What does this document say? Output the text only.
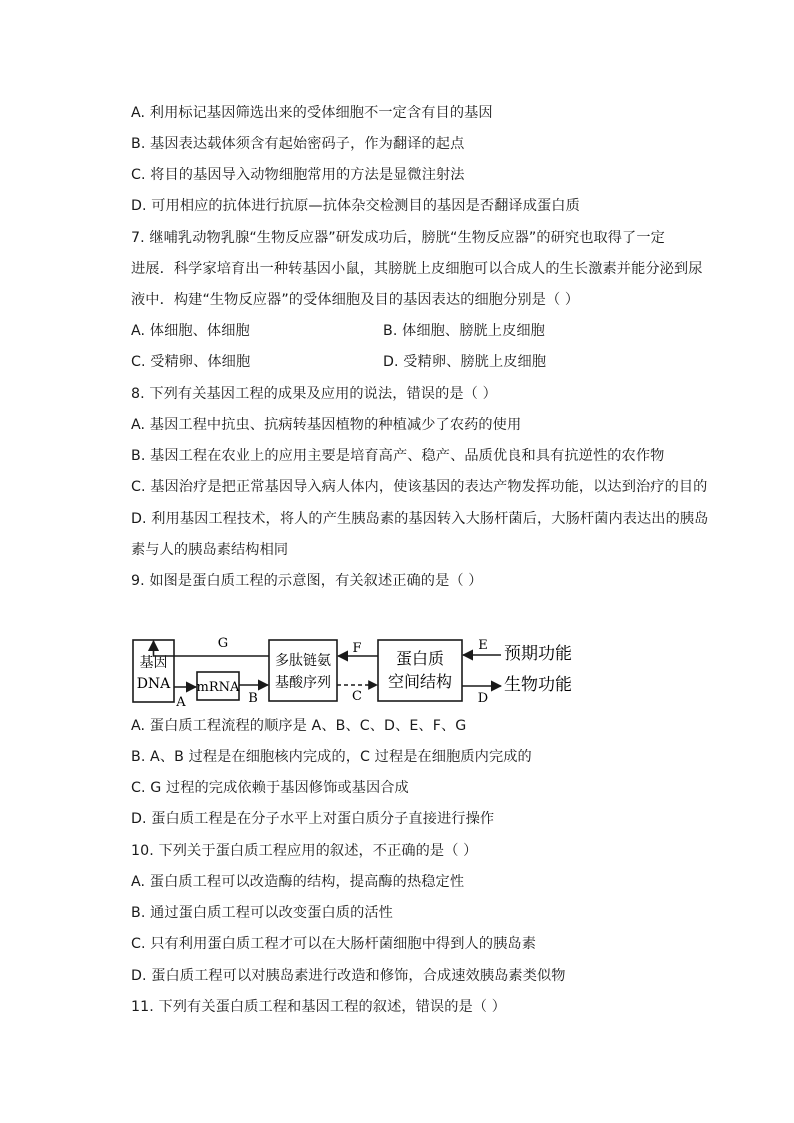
A. 利用标记基因筛选出来的受体细胞不一定含有目的基因
B. 基因表达载体须含有起始密码子，作为翻译的起点
C. 将目的基因导入动物细胞常用的方法是显微注射法
D. 可用相应的抗体进行抗原—抗体杂交检测目的基因是否翻译成蛋白质
7. 继哺乳动物乳腺“生物反应器”研发成功后，膀胱“生物反应器”的研究也取得了一定
进展．科学家培育出一种转基因小鼠，其膀胱上皮细胞可以合成人的生长激素并能分泌到尿
液中．构建“生物反应器”的受体细胞及目的基因表达的细胞分别是（ ）
A. 体细胞、体细胞	B. 体细胞、膀胱上皮细胞
C. 受精卵、体细胞	D. 受精卵、膀胱上皮细胞
8. 下列有关基因工程的成果及应用的说法，错误的是（ ）
A. 基因工程中抗虫、抗病转基因植物的种植减少了农药的使用
B. 基因工程在农业上的应用主要是培育高产、稳产、品质优良和具有抗逆性的农作物
C. 基因治疗是把正常基因导入病人体内，使该基因的表达产物发挥功能，以达到治疗的目的
D. 利用基因工程技术，将人的产生胰岛素的基因转入大肠杆菌后，大肠杆菌内表达出的胰岛
素与人的胰岛素结构相同
9. 如图是蛋白质工程的示意图，有关叙述正确的是（ ）
基因
DNA mRNA
多肽链氨
基酸序列
蛋白质
空间结构
A	B
G	F
C
E 预期功能
D
生物功能
A. 蛋白质工程流程的顺序是 A、B、C、D、E、F、G
B. A、B 过程是在细胞核内完成的，C 过程是在细胞质内完成的
C. G 过程的完成依赖于基因修饰或基因合成
D. 蛋白质工程是在分子水平上对蛋白质分子直接进行操作
10. 下列关于蛋白质工程应用的叙述，不正确的是（ ）
A. 蛋白质工程可以改造酶的结构，提高酶的热稳定性
B. 通过蛋白质工程可以改变蛋白质的活性
C. 只有利用蛋白质工程才可以在大肠杆菌细胞中得到人的胰岛素
D. 蛋白质工程可以对胰岛素进行改造和修饰，合成速效胰岛素类似物
11. 下列有关蛋白质工程和基因工程的叙述，错误的是（ ）
